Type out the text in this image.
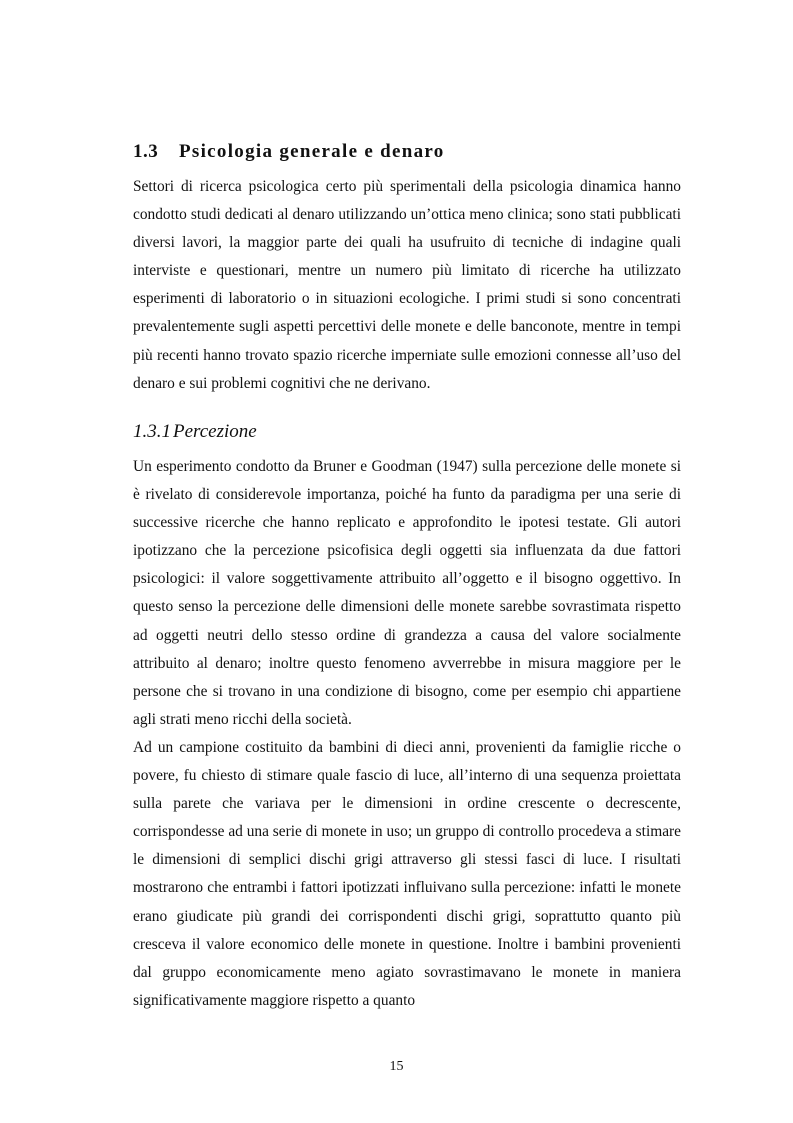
1.3 Psicologia generale e denaro

Settori di ricerca psicologica certo più sperimentali della psicologia dinamica hanno condotto studi dedicati al denaro utilizzando un’ottica meno clinica; sono stati pubblicati diversi lavori, la maggior parte dei quali ha usufruito di tecniche di indagine quali interviste e questionari, mentre un numero più limitato di ricerche ha utilizzato esperimenti di laboratorio o in situazioni ecologiche. I primi studi si sono concentrati prevalentemente sugli aspetti percettivi delle monete e delle banconote, mentre in tempi più recenti hanno trovato spazio ricerche imperniate sulle emozioni connesse all’uso del denaro e sui problemi cognitivi che ne derivano.

1.3.1 Percezione

Un esperimento condotto da Bruner e Goodman (1947) sulla percezione delle monete si è rivelato di considerevole importanza, poiché ha funto da paradigma per una serie di successive ricerche che hanno replicato e approfondito le ipotesi testate. Gli autori ipotizzano che la percezione psicofisica degli oggetti sia influenzata da due fattori psicologici: il valore soggettivamente attribuito all’oggetto e il bisogno oggettivo. In questo senso la percezione delle dimensioni delle monete sarebbe sovrastimata rispetto ad oggetti neutri dello stesso ordine di grandezza a causa del valore socialmente attribuito al denaro; inoltre questo fenomeno avverrebbe in misura maggiore per le persone che si trovano in una condizione di bisogno, come per esempio chi appartiene agli strati meno ricchi della società.

Ad un campione costituito da bambini di dieci anni, provenienti da famiglie ricche o povere, fu chiesto di stimare quale fascio di luce, all’interno di una sequenza proiettata sulla parete che variava per le dimensioni in ordine crescente o decrescente, corrispondesse ad una serie di monete in uso; un gruppo di controllo procedeva a stimare le dimensioni di semplici dischi grigi attraverso gli stessi fasci di luce. I risultati mostrarono che entrambi i fattori ipotizzati influivano sulla percezione: infatti le monete erano giudicate più grandi dei corrispondenti dischi grigi, soprattutto quanto più cresceva il valore economico delle monete in questione. Inoltre i bambini provenienti dal gruppo economicamente meno agiato sovrastimavano le monete in maniera significativamente maggiore rispetto a quanto

15
